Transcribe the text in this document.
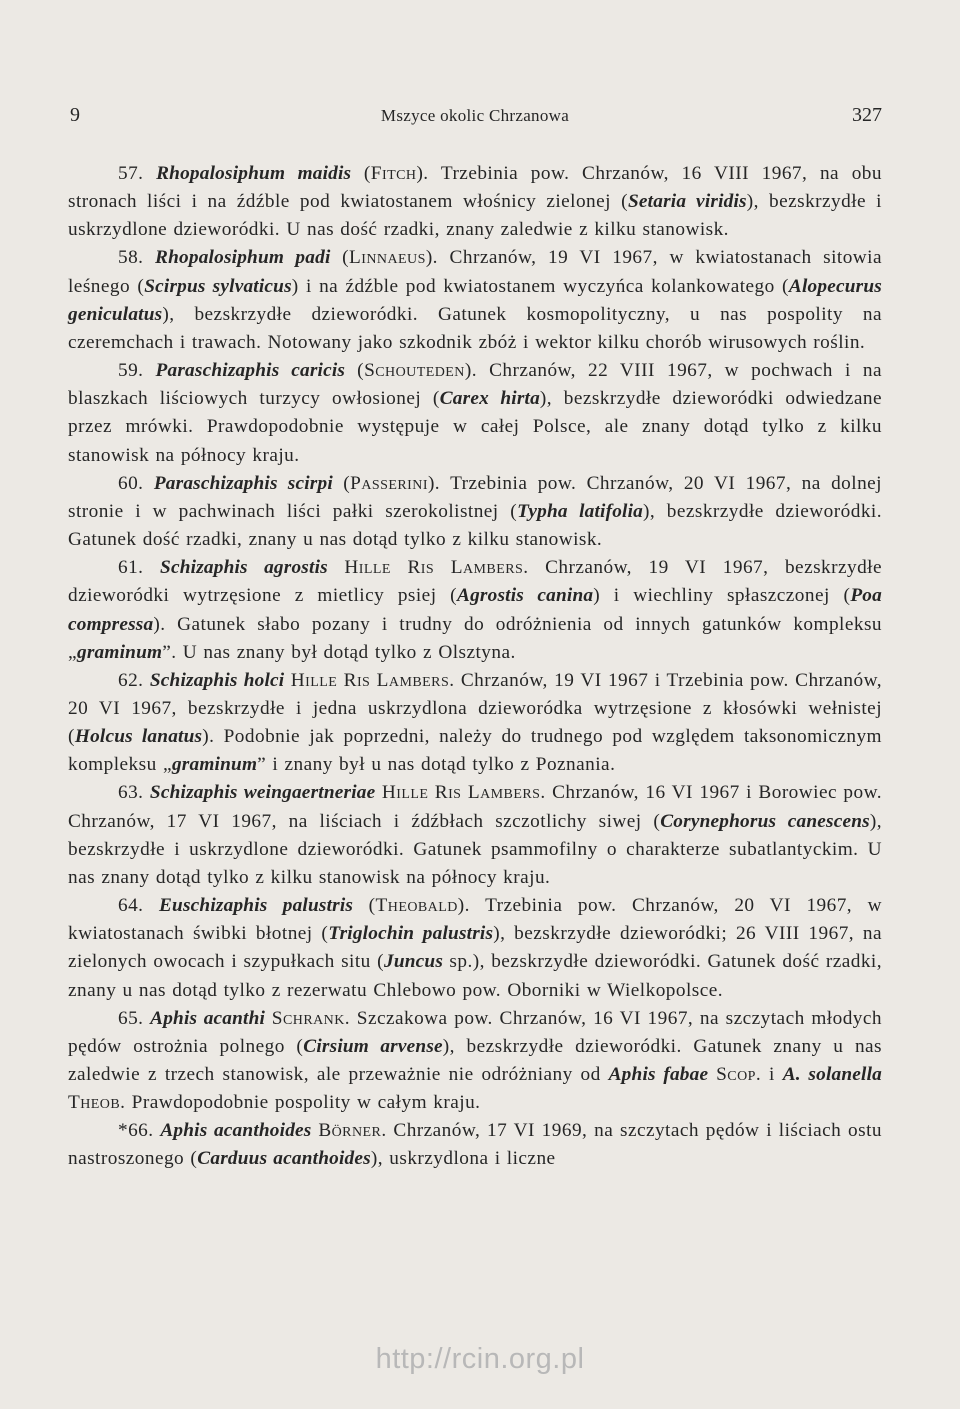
9	Mszyce okolic Chrzanowa	327

57. Rhopalosiphum maidis (Fitch). Trzebinia pow. Chrzanów, 16 VIII 1967, na obu stronach liści i na źdźble pod kwiatostanem włośnicy zielonej (Setaria viridis), bezskrzydłe i uskrzydlone dzieworódki. U nas dość rzadki, znany zaledwie z kilku stanowisk.

58. Rhopalosiphum padi (Linnaeus). Chrzanów, 19 VI 1967, w kwiatostanach sitowia leśnego (Scirpus sylvaticus) i na źdźble pod kwiatostanem wyczyńca kolankowatego (Alopecurus geniculatus), bezskrzydłe dzieworódki. Gatunek kosmopolityczny, u nas pospolity na czeremchach i trawach. Notowany jako szkodnik zbóż i wektor kilku chorób wirusowych roślin.

59. Paraschizaphis caricis (Schouteden). Chrzanów, 22 VIII 1967, w pochwach i na blaszkach liściowych turzycy owłosionej (Carex hirta), bezskrzydłe dzieworódki odwiedzane przez mrówki. Prawdopodobnie występuje w całej Polsce, ale znany dotąd tylko z kilku stanowisk na północy kraju.

60. Paraschizaphis scirpi (Passerini). Trzebinia pow. Chrzanów, 20 VI 1967, na dolnej stronie i w pachwinach liści pałki szerokolistnej (Typha latifolia), bezskrzydłe dzieworódki. Gatunek dość rzadki, znany u nas dotąd tylko z kilku stanowisk.

61. Schizaphis agrostis Hille Ris Lambers. Chrzanów, 19 VI 1967, bezskrzydłe dzieworódki wytrzęsione z mietlicy psiej (Agrostis canina) i wiechliny spłaszczonej (Poa compressa). Gatunek słabo pozany i trudny do odróżnienia od innych gatunków kompleksu „graminum”. U nas znany był dotąd tylko z Olsztyna.

62. Schizaphis holci Hille Ris Lambers. Chrzanów, 19 VI 1967 i Trzebinia pow. Chrzanów, 20 VI 1967, bezskrzydłe i jedna uskrzydlona dzieworódka wytrzęsione z kłosówki wełnistej (Holcus lanatus). Podobnie jak poprzedni, należy do trudnego pod względem taksonomicznym kompleksu „graminum” i znany był u nas dotąd tylko z Poznania.

63. Schizaphis weingaertneriae Hille Ris Lambers. Chrzanów, 16 VI 1967 i Borowiec pow. Chrzanów, 17 VI 1967, na liściach i źdźbłach szczotlichy siwej (Corynephorus canescens), bezskrzydłe i uskrzydlone dzieworódki. Gatunek psammofilny o charakterze subatlantyckim. U nas znany dotąd tylko z kilku stanowisk na północy kraju.

64. Euschizaphis palustris (Theobald). Trzebinia pow. Chrzanów, 20 VI 1967, w kwiatostanach świbki błotnej (Triglochin palustris), bezskrzydłe dzieworódki; 26 VIII 1967, na zielonych owocach i szypułkach situ (Juncus sp.), bezskrzydłe dzieworódki. Gatunek dość rzadki, znany u nas dotąd tylko z rezerwatu Chlebowo pow. Oborniki w Wielkopolsce.

65. Aphis acanthi Schrank. Szczakowa pow. Chrzanów, 16 VI 1967, na szczytach młodych pędów ostrożnia polnego (Cirsium arvense), bezskrzydłe dzieworódki. Gatunek znany u nas zaledwie z trzech stanowisk, ale przeważnie nie odróżniany od Aphis fabae Scop. i A. solanella Theob. Prawdopodobnie pospolity w całym kraju.

*66. Aphis acanthoides Börner. Chrzanów, 17 VI 1969, na szczytach pędów i liściach ostu nastroszonego (Carduus acanthoides), uskrzydlona i liczne

http://rcin.org.pl
